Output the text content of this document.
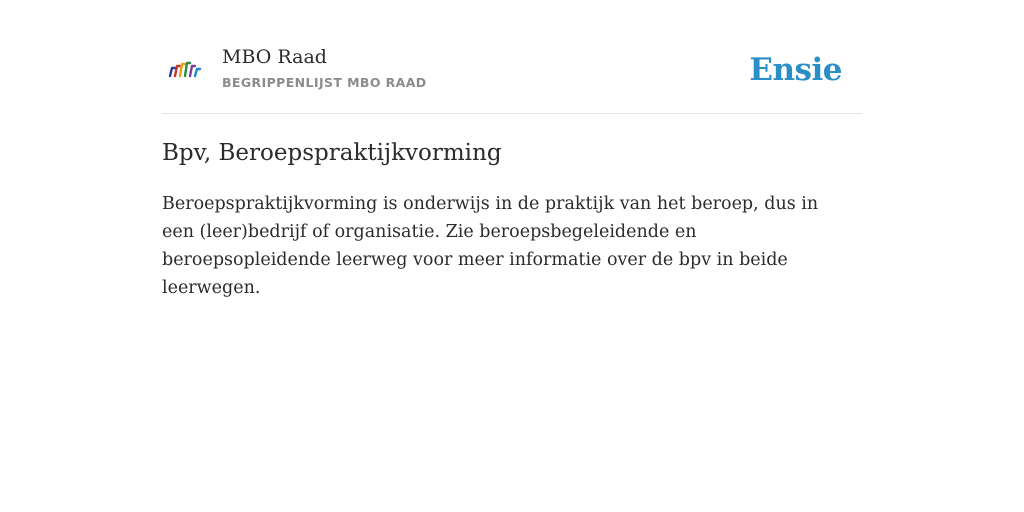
MBO Raad
BEGRIPPENLIJST MBO RAAD	Ensie
Bpv, Beroepspraktijkvorming

Beroepspraktijkvorming is onderwijs in de praktijk van het beroep, dus in een (leer)bedrijf of organisatie. Zie beroepsbegeleidende en beroepsopleidende leerweg voor meer informatie over de bpv in beide leerwegen.
